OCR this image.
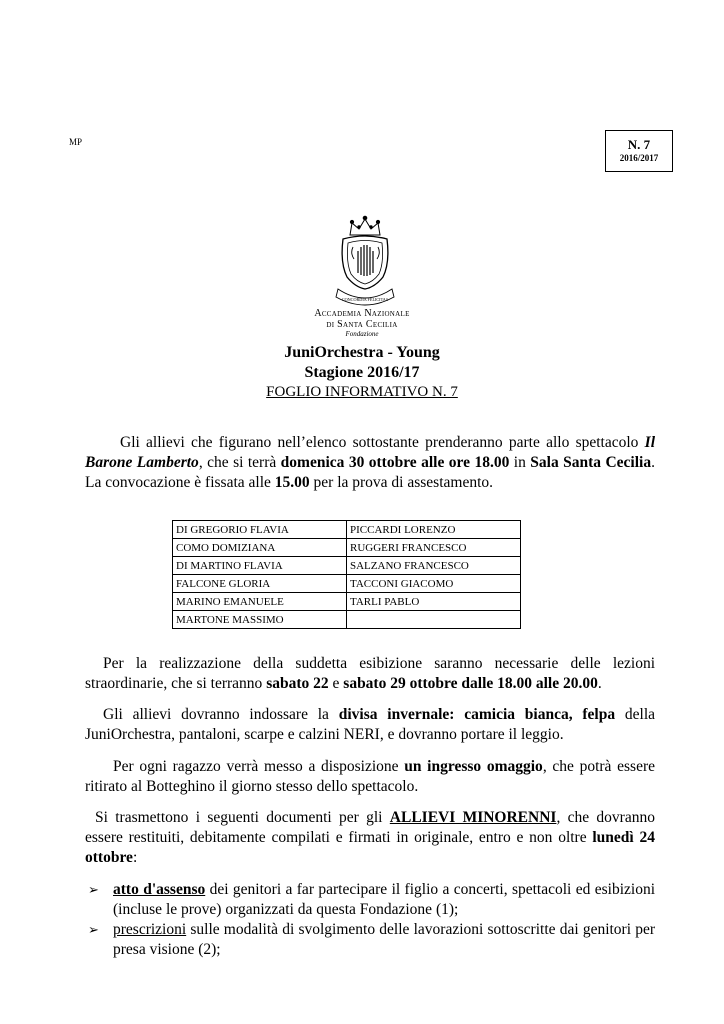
MP	N. 7
2016/2017
CONCORDIA FELICITAS
Accademia Nazionale
di Santa Cecilia
Fondazione
JuniOrchestra - Young
Stagione 2016/17
FOGLIO INFORMATIVO N. 7
Gli allievi che figurano nell’elenco sottostante prenderanno parte allo spettacolo Il Barone Lamberto, che si terrà domenica 30 ottobre alle ore 18.00 in Sala Santa Cecilia. La convocazione è fissata alle 15.00 per la prova di assestamento.
DI GREGORIO FLAVIA	PICCARDI LORENZO
COMO DOMIZIANA	RUGGERI FRANCESCO
DI MARTINO FLAVIA	SALZANO FRANCESCO
FALCONE GLORIA	TACCONI GIACOMO
MARINO EMANUELE	TARLI PABLO
MARTONE MASSIMO	
Per la realizzazione della suddetta esibizione saranno necessarie delle lezioni straordinarie, che si terranno sabato 22 e sabato 29 ottobre dalle 18.00 alle 20.00.
Gli allievi dovranno indossare la divisa invernale: camicia bianca, felpa della JuniOrchestra, pantaloni, scarpe e calzini NERI, e dovranno portare il leggio.
Per ogni ragazzo verrà messo a disposizione un ingresso omaggio, che potrà essere ritirato al Botteghino il giorno stesso dello spettacolo.
Si trasmettono i seguenti documenti per gli ALLIEVI MINORENNI, che dovranno essere restituiti, debitamente compilati e firmati in originale, entro e non oltre lunedì 24 ottobre:
➢ atto d'assenso dei genitori a far partecipare il figlio a concerti, spettacoli ed esibizioni (incluse le prove) organizzati da questa Fondazione (1);
➢ prescrizioni sulle modalità di svolgimento delle lavorazioni sottoscritte dai genitori per presa visione (2);
